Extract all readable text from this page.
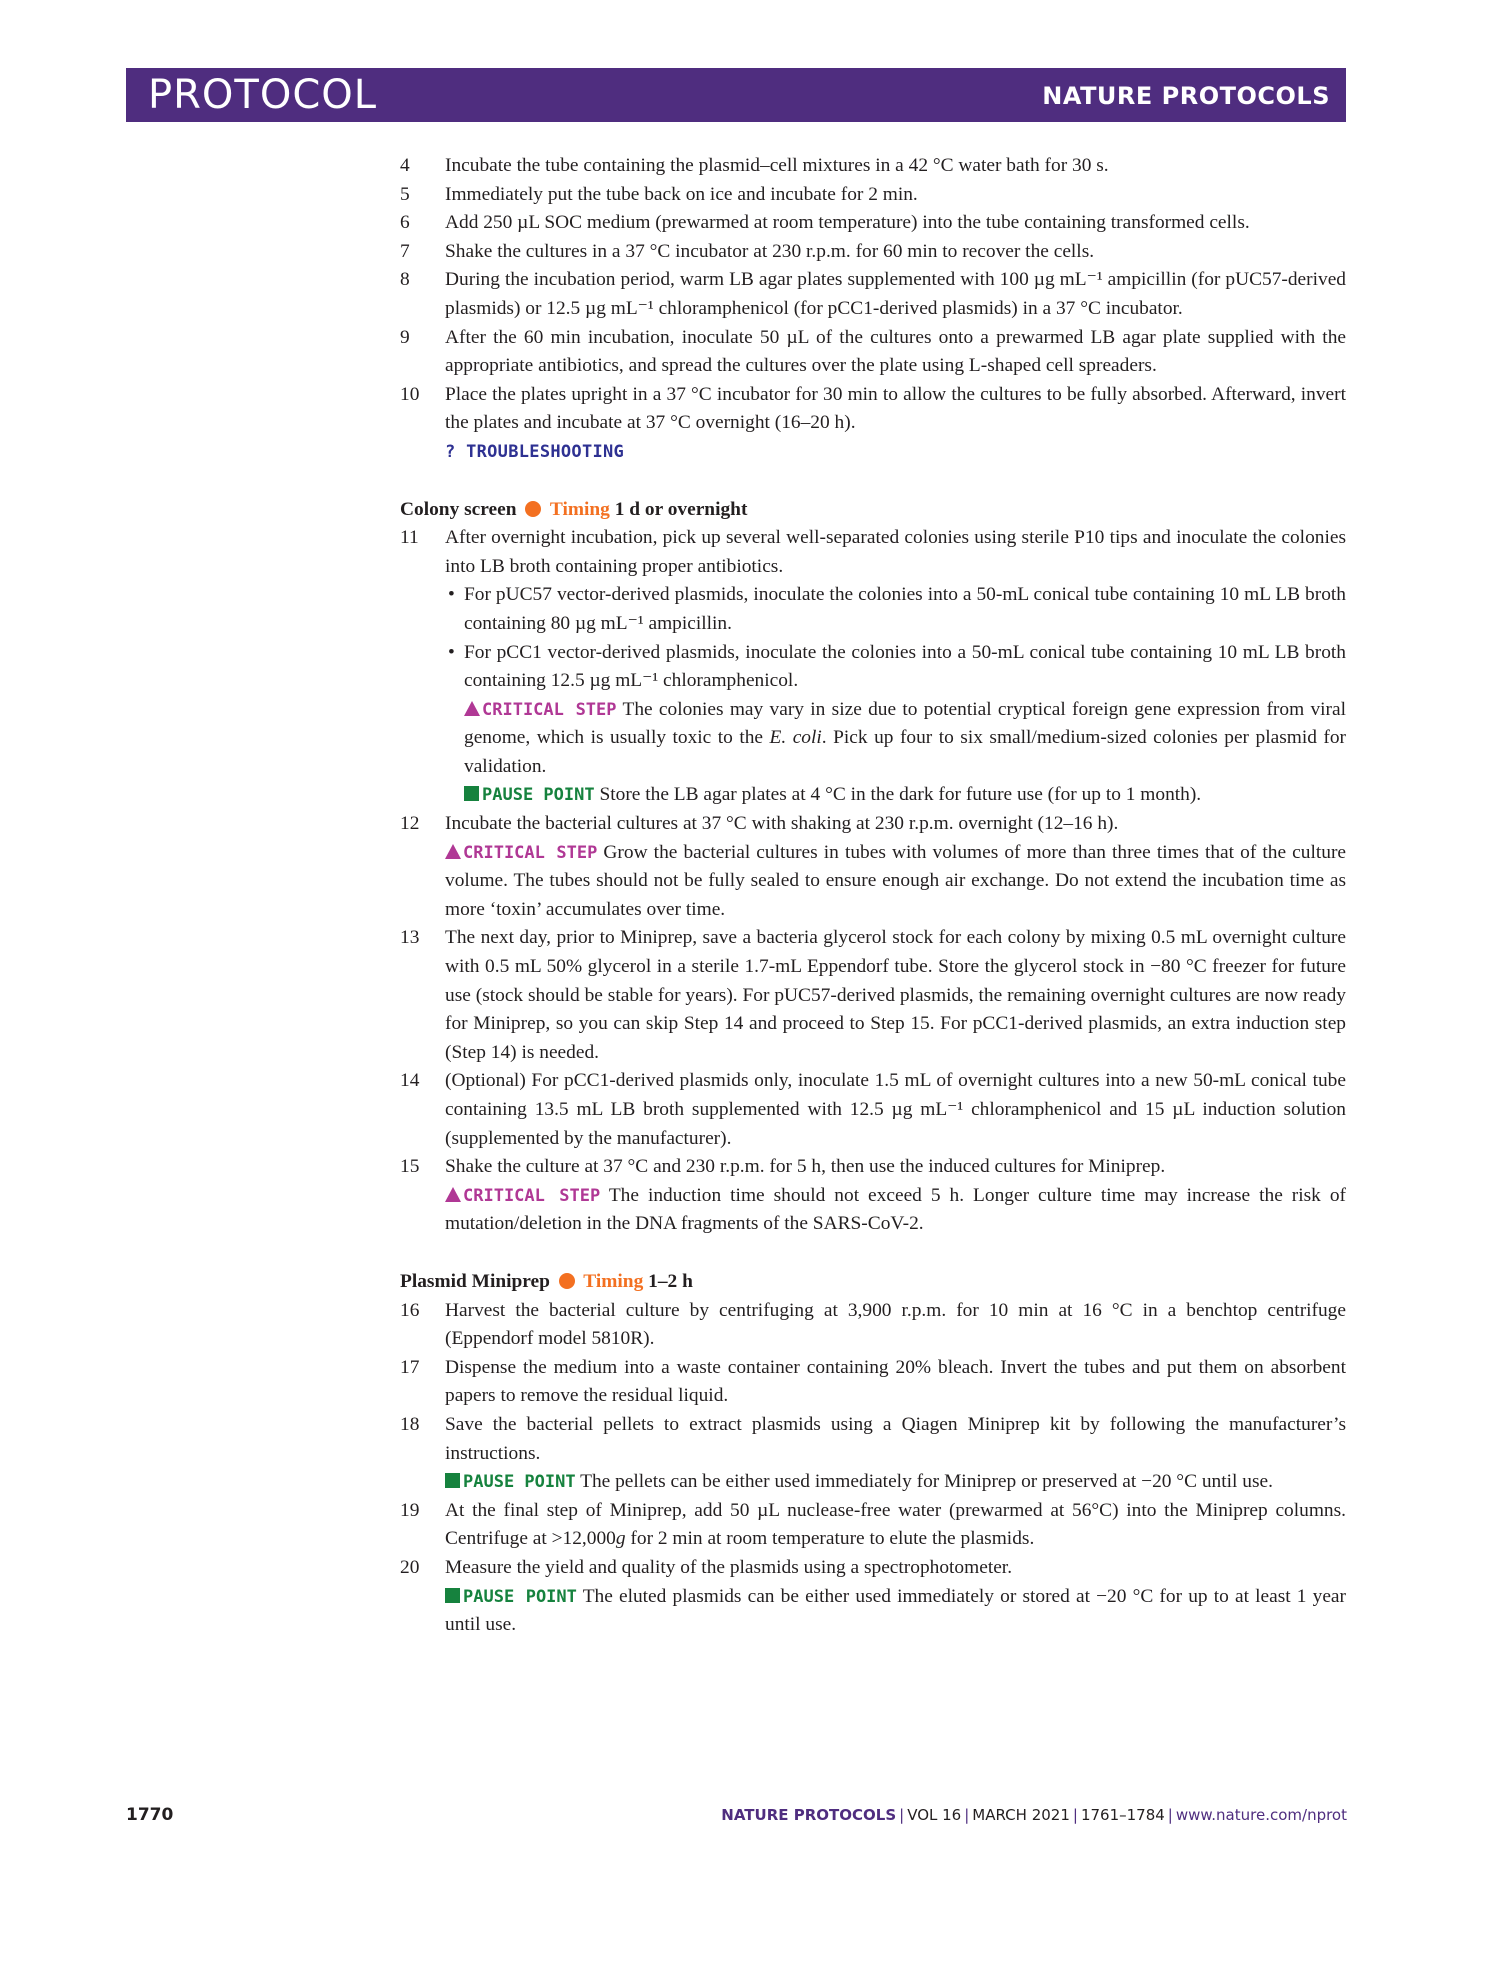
PROTOCOL	NATURE PROTOCOLS
4	Incubate the tube containing the plasmid–cell mixtures in a 42 °C water bath for 30 s.
5	Immediately put the tube back on ice and incubate for 2 min.
6	Add 250 µL SOC medium (prewarmed at room temperature) into the tube containing transformed cells.
7	Shake the cultures in a 37 °C incubator at 230 r.p.m. for 60 min to recover the cells.
8	During the incubation period, warm LB agar plates supplemented with 100 µg mL⁻¹ ampicillin (for pUC57-derived plasmids) or 12.5 µg mL⁻¹ chloramphenicol (for pCC1-derived plasmids) in a 37 °C incubator.
9	After the 60 min incubation, inoculate 50 µL of the cultures onto a prewarmed LB agar plate supplied with the appropriate antibiotics, and spread the cultures over the plate using L-shaped cell spreaders.
10	Place the plates upright in a 37 °C incubator for 30 min to allow the cultures to be fully absorbed. Afterward, invert the plates and incubate at 37 °C overnight (16–20 h).
? TROUBLESHOOTING
Colony screen Timing 1 d or overnight
11	After overnight incubation, pick up several well-separated colonies using sterile P10 tips and inoculate the colonies into LB broth containing proper antibiotics.
• For pUC57 vector-derived plasmids, inoculate the colonies into a 50-mL conical tube containing 10 mL LB broth containing 80 µg mL⁻¹ ampicillin.
• For pCC1 vector-derived plasmids, inoculate the colonies into a 50-mL conical tube containing 10 mL LB broth containing 12.5 µg mL⁻¹ chloramphenicol.
CRITICAL STEP The colonies may vary in size due to potential cryptical foreign gene expression from viral genome, which is usually toxic to the E. coli. Pick up four to six small/medium-sized colonies per plasmid for validation.
PAUSE POINT Store the LB agar plates at 4 °C in the dark for future use (for up to 1 month).
12	Incubate the bacterial cultures at 37 °C with shaking at 230 r.p.m. overnight (12–16 h).
CRITICAL STEP Grow the bacterial cultures in tubes with volumes of more than three times that of the culture volume. The tubes should not be fully sealed to ensure enough air exchange. Do not extend the incubation time as more ‘toxin’ accumulates over time.
13	The next day, prior to Miniprep, save a bacteria glycerol stock for each colony by mixing 0.5 mL overnight culture with 0.5 mL 50% glycerol in a sterile 1.7-mL Eppendorf tube. Store the glycerol stock in −80 °C freezer for future use (stock should be stable for years). For pUC57-derived plasmids, the remaining overnight cultures are now ready for Miniprep, so you can skip Step 14 and proceed to Step 15. For pCC1-derived plasmids, an extra induction step (Step 14) is needed.
14	(Optional) For pCC1-derived plasmids only, inoculate 1.5 mL of overnight cultures into a new 50-mL conical tube containing 13.5 mL LB broth supplemented with 12.5 µg mL⁻¹ chloramphenicol and 15 µL induction solution (supplemented by the manufacturer).
15	Shake the culture at 37 °C and 230 r.p.m. for 5 h, then use the induced cultures for Miniprep.
CRITICAL STEP The induction time should not exceed 5 h. Longer culture time may increase the risk of mutation/deletion in the DNA fragments of the SARS-CoV-2.
Plasmid Miniprep Timing 1–2 h
16	Harvest the bacterial culture by centrifuging at 3,900 r.p.m. for 10 min at 16 °C in a benchtop centrifuge (Eppendorf model 5810R).
17	Dispense the medium into a waste container containing 20% bleach. Invert the tubes and put them on absorbent papers to remove the residual liquid.
18	Save the bacterial pellets to extract plasmids using a Qiagen Miniprep kit by following the manufacturer’s instructions.
PAUSE POINT The pellets can be either used immediately for Miniprep or preserved at −20 °C until use.
19	At the final step of Miniprep, add 50 µL nuclease-free water (prewarmed at 56°C) into the Miniprep columns. Centrifuge at >12,000g for 2 min at room temperature to elute the plasmids.
20	Measure the yield and quality of the plasmids using a spectrophotometer.
PAUSE POINT The eluted plasmids can be either used immediately or stored at −20 °C for up to at least 1 year until use.
1770	NATURE PROTOCOLS | VOL 16 | MARCH 2021 | 1761–1784 | www.nature.com/nprot
